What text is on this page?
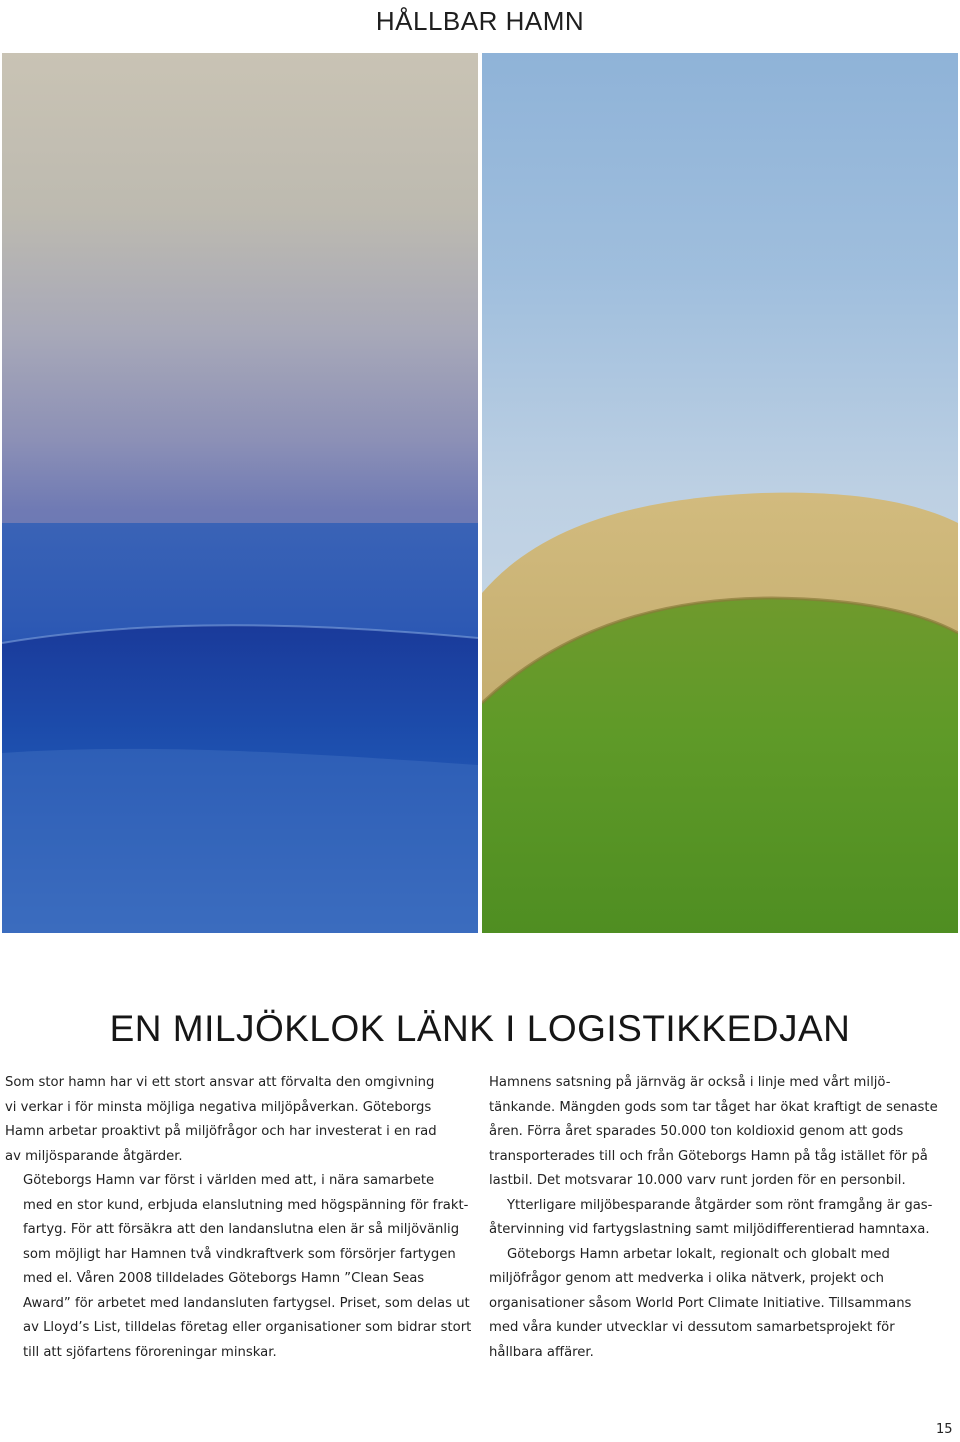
HÅLLBAR HAMN
EN MILJÖKLOK LÄNK I LOGISTIKKEDJAN

Som stor hamn har vi ett stort ansvar att förvalta den omgivning
vi verkar i för minsta möjliga negativa miljöpåverkan. Göteborgs
Hamn arbetar proaktivt på miljöfrågor och har investerat i en rad
av miljösparande åtgärder.

Göteborgs Hamn var först i världen med att, i nära samarbete
med en stor kund, erbjuda elanslutning med högspänning för frakt-
fartyg. För att försäkra att den landanslutna elen är så miljövänlig
som möjligt har Hamnen två vindkraftverk som försörjer fartygen
med el. Våren 2008 tilldelades Göteborgs Hamn ”Clean Seas
Award” för arbetet med landansluten fartygsel. Priset, som delas ut
av Lloyd’s List, tilldelas företag eller organisationer som bidrar stort
till att sjöfartens föroreningar minskar.

Hamnens satsning på järnväg är också i linje med vårt miljö-
tänkande. Mängden gods som tar tåget har ökat kraftigt de senaste
åren. Förra året sparades 50.000 ton koldioxid genom att gods
transporterades till och från Göteborgs Hamn på tåg istället för på
lastbil. Det motsvarar 10.000 varv runt jorden för en personbil.

Ytterligare miljöbesparande åtgärder som rönt framgång är gas-
återvinning vid fartygslastning samt miljödifferentierad hamntaxa.

Göteborgs Hamn arbetar lokalt, regionalt och globalt med
miljöfrågor genom att medverka i olika nätverk, projekt och
organisationer såsom World Port Climate Initiative. Tillsammans
med våra kunder utvecklar vi dessutom samarbetsprojekt för
hållbara affärer.

15
